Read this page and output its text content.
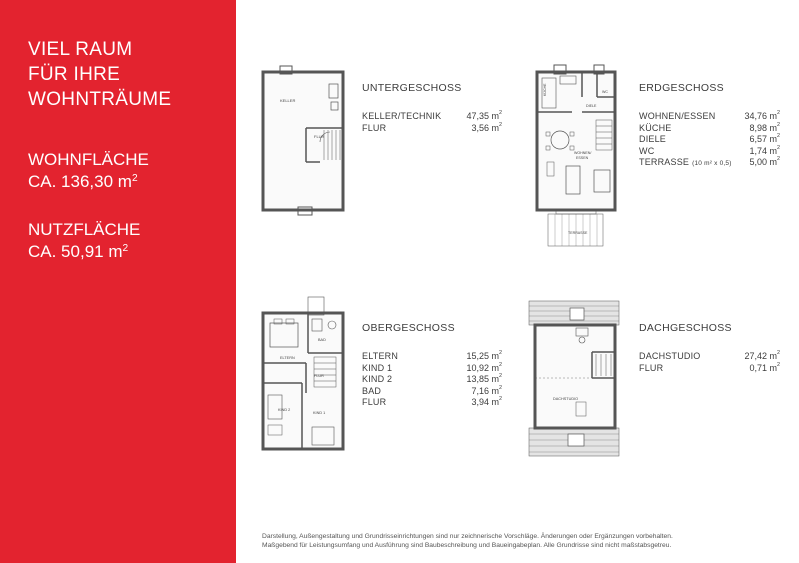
VIEL RAUM
FÜR IHRE
WOHNTRÄUME
WOHNFLÄCHE
CA. 136,30 $m^2$
NUTZFLÄCHE
CA. 50,91 $m^2$
KELLER
FLUR
KÜCHE	WC
DIELE
WOHNEN/
ESSEN
TERRASSE
BAD
ELTERN
FLUR
KIND 2
KIND 1
DACHSTUDIO
UNTERGESCHOSS
KELLER/TECHNIK	47,35 $m^2$
FLUR	3,56 $m^2$
ERDGESCHOSS
WOHNEN/ESSEN	34,76 $m^2$
KÜCHE	8,98 $m^2$
DIELE	6,57 $m^2$
WC	1,74 $m^2$
TERRASSE (10 m² x 0,5) 5,00 $m^2$
OBERGESCHOSS
ELTERN	15,25 $m^2$
KIND 1	10,92 $m^2$
KIND 2	13,85 $m^2$
BAD	7,16 $m^2$
FLUR	3,94 $m^2$
DACHGESCHOSS
DACHSTUDIO	27,42 $m^2$
FLUR	0,71 $m^2$
Darstellung, Außengestaltung und Grundrisseinrichtungen sind nur zeichnerische Vorschläge. Änderungen oder Ergänzungen vorbehalten.
Maßgebend für Leistungsumfang und Ausführung sind Baubeschreibung und Baueingabeplan. Alle Grundrisse sind nicht maßstabsgetreu.
